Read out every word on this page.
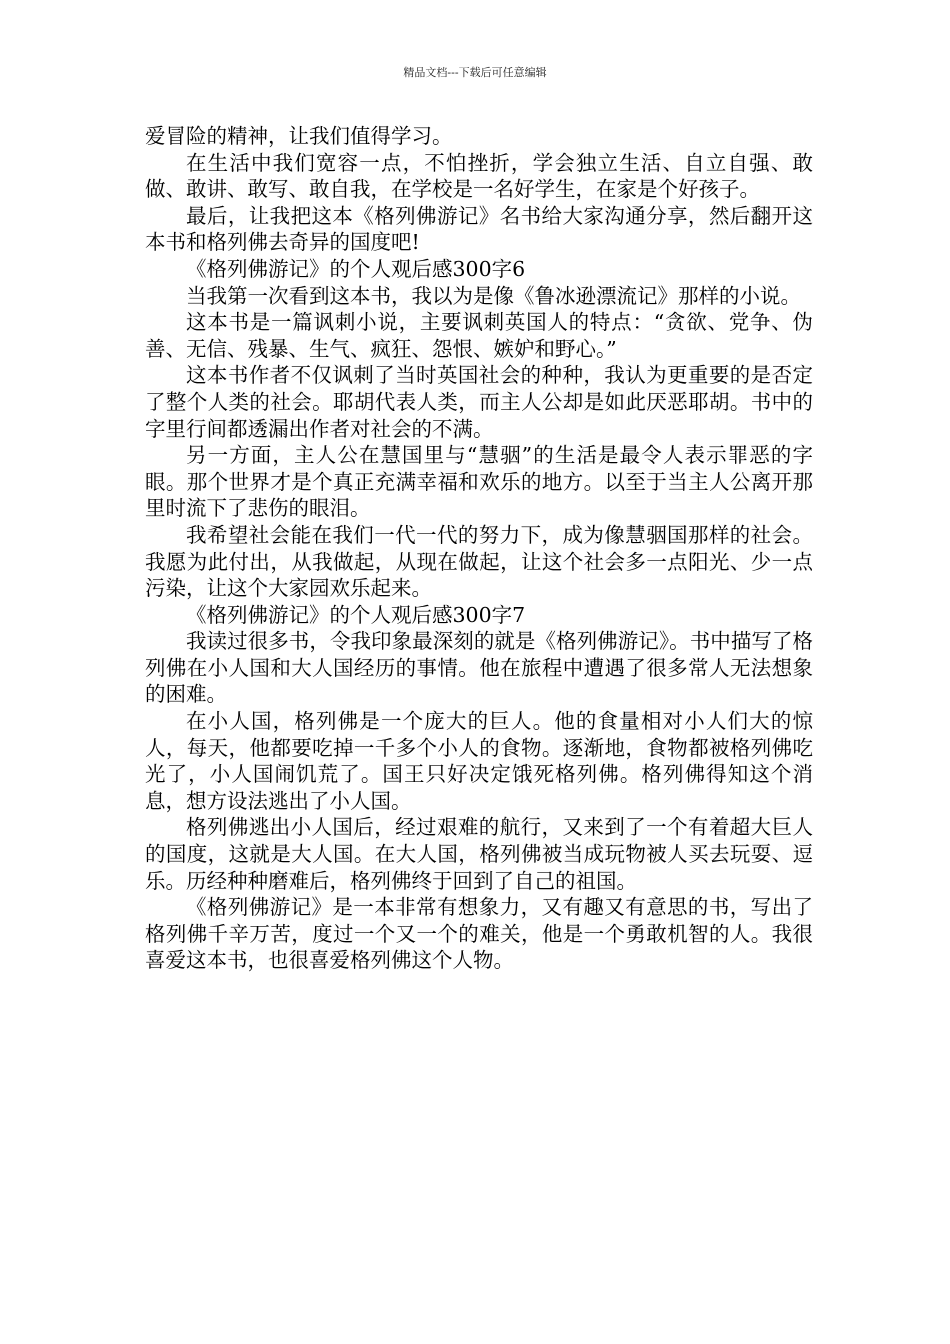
精品文档---下载后可任意编辑

爱冒险的精神，让我们值得学习。

在生活中我们宽容一点，不怕挫折，学会独立生活、自立自强、敢做、敢讲、敢写、敢自我，在学校是一名好学生，在家是个好孩子。

最后，让我把这本《格列佛游记》名书给大家沟通分享，然后翻开这本书和格列佛去奇异的国度吧!

《格列佛游记》的个人观后感300字6

当我第一次看到这本书，我以为是像《鲁冰逊漂流记》那样的小说。

这本书是一篇讽刺小说，主要讽刺英国人的特点：“贪欲、党争、伪善、无信、残暴、生气、疯狂、怨恨、嫉妒和野心。”

这本书作者不仅讽刺了当时英国社会的种种，我认为更重要的是否定了整个人类的社会。耶胡代表人类，而主人公却是如此厌恶耶胡。书中的字里行间都透漏出作者对社会的不满。

另一方面，主人公在慧国里与“慧骃”的生活是最令人表示罪恶的字眼。那个世界才是个真正充满幸福和欢乐的地方。以至于当主人公离开那里时流下了悲伤的眼泪。

我希望社会能在我们一代一代的努力下，成为像慧骃国那样的社会。我愿为此付出，从我做起，从现在做起，让这个社会多一点阳光、少一点污染，让这个大家园欢乐起来。

《格列佛游记》的个人观后感300字7

我读过很多书，令我印象最深刻的就是《格列佛游记》。书中描写了格列佛在小人国和大人国经历的事情。他在旅程中遭遇了很多常人无法想象的困难。

在小人国，格列佛是一个庞大的巨人。他的食量相对小人们大的惊人，每天，他都要吃掉一千多个小人的食物。逐渐地，食物都被格列佛吃光了，小人国闹饥荒了。国王只好决定饿死格列佛。格列佛得知这个消息，想方设法逃出了小人国。

格列佛逃出小人国后，经过艰难的航行，又来到了一个有着超大巨人的国度，这就是大人国。在大人国，格列佛被当成玩物被人买去玩耍、逗乐。历经种种磨难后，格列佛终于回到了自己的祖国。

《格列佛游记》是一本非常有想象力，又有趣又有意思的书，写出了格列佛千辛万苦，度过一个又一个的难关，他是一个勇敢机智的人。我很喜爱这本书，也很喜爱格列佛这个人物。
